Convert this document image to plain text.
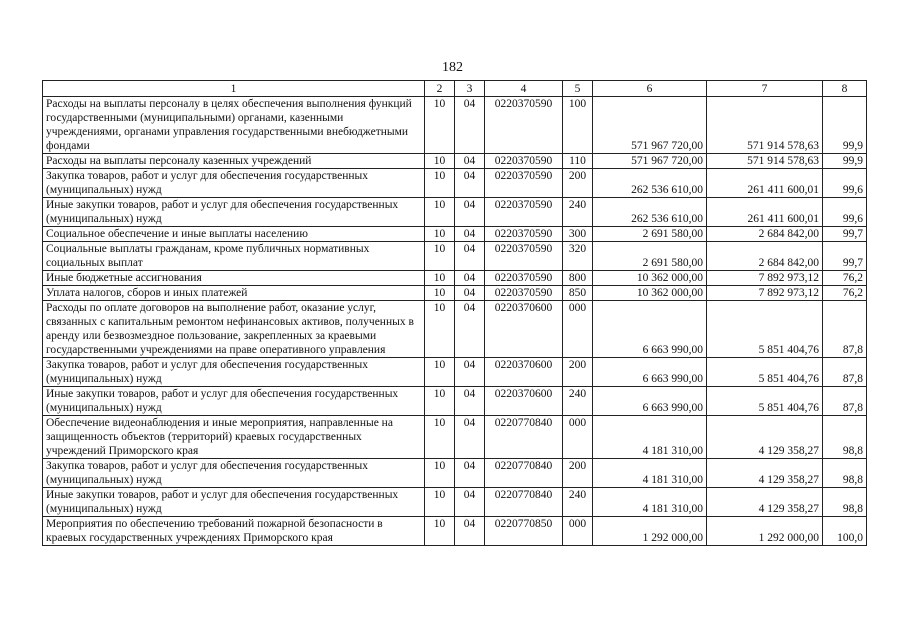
182
1	2	3	4	5	6	7	8
Расходы на выплаты персоналу в целях обеспечения выполнения функций государственными (муниципальными) органами, казенными учреждениями, органами управления государственными внебюджетными фондами	10	04	0220370590	100	571 967 720,00	571 914 578,63	99,9
Расходы на выплаты персоналу казенных учреждений	10	04	0220370590	110	571 967 720,00	571 914 578,63	99,9
Закупка товаров, работ и услуг для обеспечения государственных (муниципальных) нужд	10	04	0220370590	200	262 536 610,00	261 411 600,01	99,6
Иные закупки товаров, работ и услуг для обеспечения государственных (муниципальных) нужд	10	04	0220370590	240	262 536 610,00	261 411 600,01	99,6
Социальное обеспечение и иные выплаты населению	10	04	0220370590	300	2 691 580,00	2 684 842,00	99,7
Социальные выплаты гражданам, кроме публичных нормативных социальных выплат	10	04	0220370590	320	2 691 580,00	2 684 842,00	99,7
Иные бюджетные ассигнования	10	04	0220370590	800	10 362 000,00	7 892 973,12	76,2
Уплата налогов, сборов и иных платежей	10	04	0220370590	850	10 362 000,00	7 892 973,12	76,2
Расходы по оплате договоров на выполнение работ, оказание услуг, связанных с капитальным ремонтом нефинансовых активов, полученных в аренду или безвозмездное пользование, закрепленных за краевыми государственными учреждениями на праве оперативного управления	10	04	0220370600	000	6 663 990,00	5 851 404,76	87,8
Закупка товаров, работ и услуг для обеспечения государственных (муниципальных) нужд	10	04	0220370600	200	6 663 990,00	5 851 404,76	87,8
Иные закупки товаров, работ и услуг для обеспечения государственных (муниципальных) нужд	10	04	0220370600	240	6 663 990,00	5 851 404,76	87,8
Обеспечение видеонаблюдения и иные мероприятия, направленные на защищенность объектов (территорий) краевых государственных учреждений Приморского края	10	04	0220770840	000	4 181 310,00	4 129 358,27	98,8
Закупка товаров, работ и услуг для обеспечения государственных (муниципальных) нужд	10	04	0220770840	200	4 181 310,00	4 129 358,27	98,8
Иные закупки товаров, работ и услуг для обеспечения государственных (муниципальных) нужд	10	04	0220770840	240	4 181 310,00	4 129 358,27	98,8
Мероприятия по обеспечению требований пожарной безопасности в краевых государственных учреждениях Приморского края	10	04	0220770850	000	1 292 000,00	1 292 000,00	100,0
